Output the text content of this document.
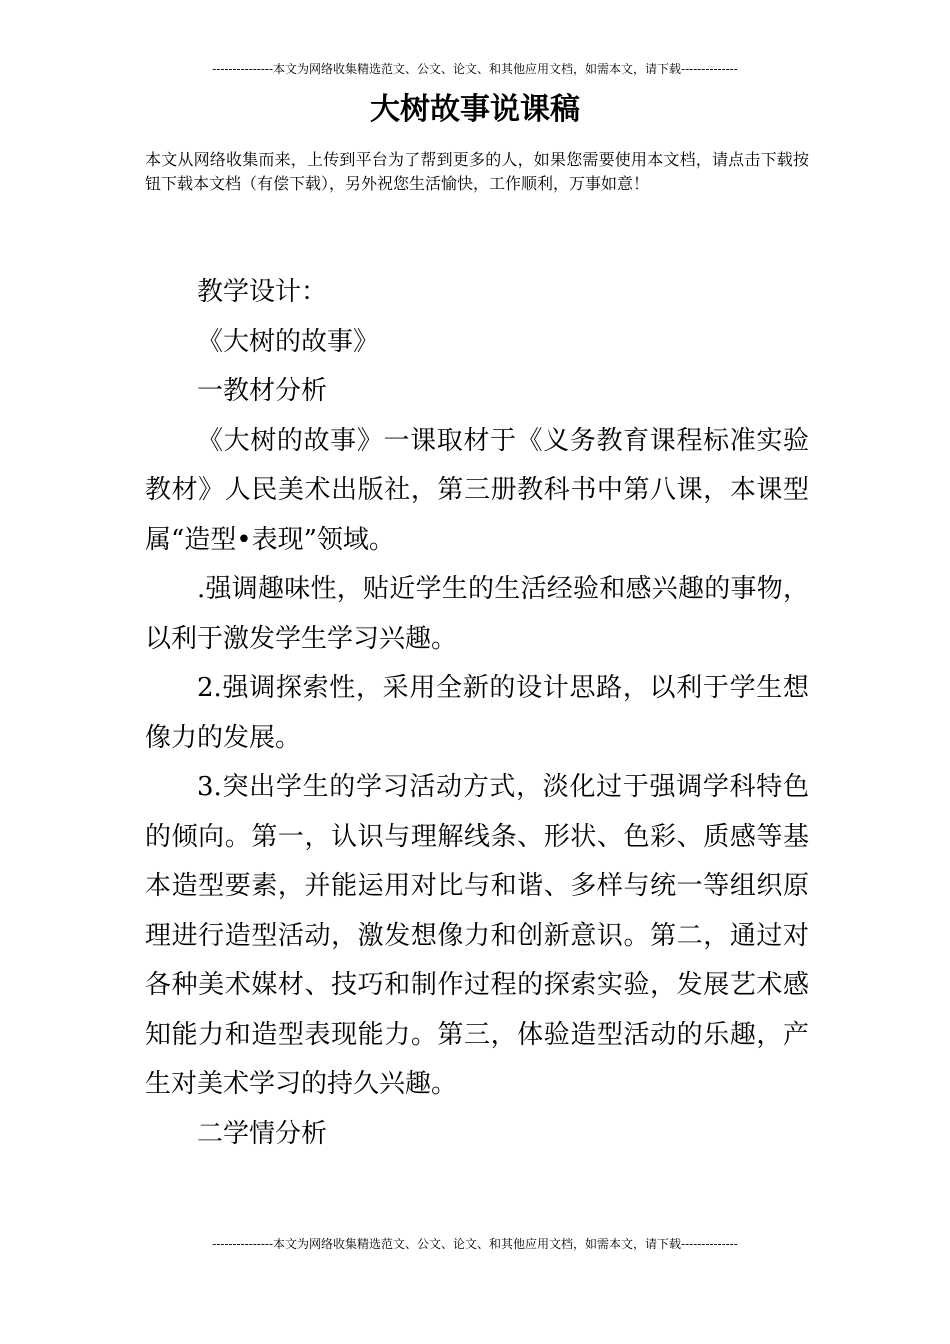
---------------本文为网络收集精选范文、公文、论文、和其他应用文档，如需本文，请下载--------------
大树故事说课稿

本文从网络收集而来，上传到平台为了帮到更多的人，如果您需要使用本文档，请点击下载按钮下载本文档（有偿下载），另外祝您生活愉快，工作顺利，万事如意！

教学设计：

《大树的故事》

一教材分析

《大树的故事》一课取材于《义务教育课程标准实验教材》人民美术出版社，第三册教科书中第八课，本课型属“造型•表现”领域。

.强调趣味性，贴近学生的生活经验和感兴趣的事物，以利于激发学生学习兴趣。

2.强调探索性，采用全新的设计思路，以利于学生想像力的发展。

3.突出学生的学习活动方式，淡化过于强调学科特色的倾向。第一，认识与理解线条、形状、色彩、质感等基本造型要素，并能运用对比与和谐、多样与统一等组织原理进行造型活动，激发想像力和创新意识。第二，通过对各种美术媒材、技巧和制作过程的探索实验，发展艺术感知能力和造型表现能力。第三，体验造型活动的乐趣，产生对美术学习的持久兴趣。

二学情分析

---------------本文为网络收集精选范文、公文、论文、和其他应用文档，如需本文，请下载--------------
